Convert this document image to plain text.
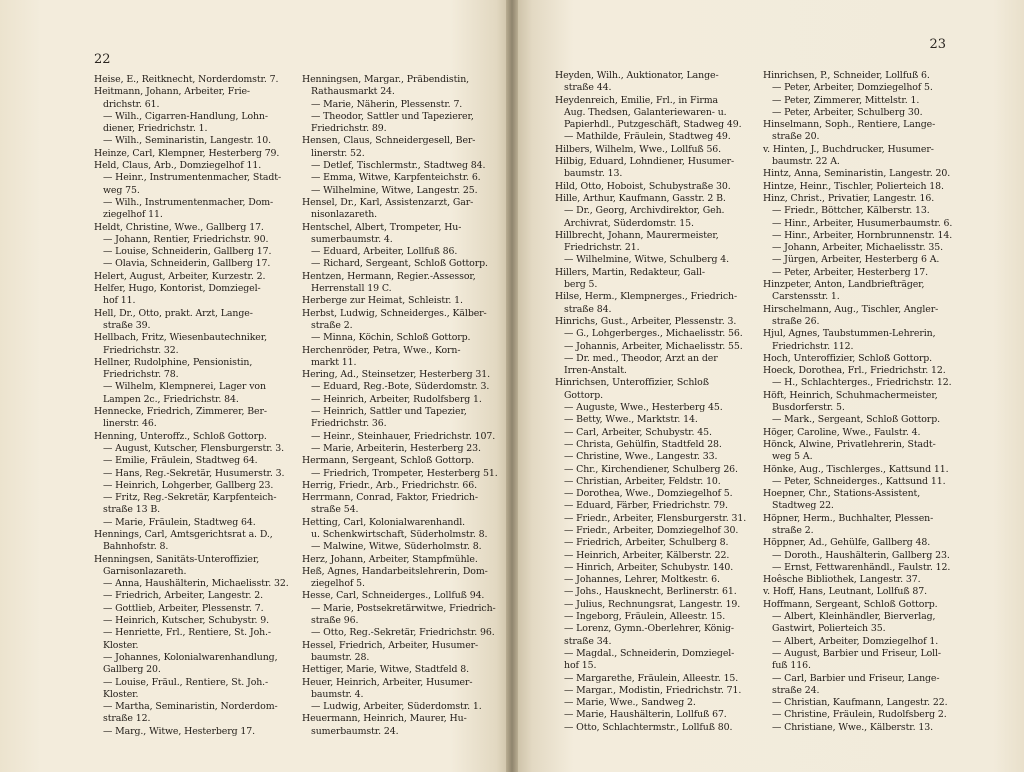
22
23
Heise, E., Reitknecht, Norderdomstr. 7.
Heitmann, Johann, Arbeiter, Frie-
drichstr. 61.
— Wilh., Cigarren-Handlung, Lohn-
diener, Friedrichstr. 1.
— Wilh., Seminaristin, Langestr. 10.
Heinze, Carl, Klempner, Hesterberg 79.
Held, Claus, Arb., Domziegelhof 11.
— Heinr., Instrumentenmacher, Stadt-
weg 75.
— Wilh., Instrumentenmacher, Dom-
ziegelhof 11.
Heldt, Christine, Wwe., Gallberg 17.
— Johann, Rentier, Friedrichstr. 90.
— Louise, Schneiderin, Gallberg 17.
— Olavia, Schneiderin, Gallberg 17.
Helert, August, Arbeiter, Kurzestr. 2.
Helfer, Hugo, Kontorist, Domziegel-
hof 11.
Hell, Dr., Otto, prakt. Arzt, Lange-
straße 39.
Hellbach, Fritz, Wiesenbautechniker,
Friedrichstr. 32.
Hellner, Rudolphine, Pensionistin,
Friedrichstr. 78.
— Wilhelm, Klempnerei, Lager von
Lampen 2c., Friedrichstr. 84.
Hennecke, Friedrich, Zimmerer, Ber-
linerstr. 46.
Henning, Unteroffz., Schloß Gottorp.
— August, Kutscher, Flensburgerstr. 3.
— Emilie, Fräulein, Stadtweg 64.
— Hans, Reg.-Sekretär, Husumerstr. 3.
— Heinrich, Lohgerber, Gallberg 23.
— Fritz, Reg.-Sekretär, Karpfenteich-
straße 13 B.
— Marie, Fräulein, Stadtweg 64.
Hennings, Carl, Amtsgerichtsrat a. D.,
Bahnhofstr. 8.
Henningsen, Sanitäts-Unteroffizier,
Garnisonlazareth.
— Anna, Haushälterin, Michaelisstr. 32.
— Friedrich, Arbeiter, Langestr. 2.
— Gottlieb, Arbeiter, Plessenstr. 7.
— Heinrich, Kutscher, Schubystr. 9.
— Henriette, Frl., Rentiere, St. Joh.-
Kloster.
— Johannes, Kolonialwarenhandlung,
Gallberg 20.
— Louise, Fräul., Rentiere, St. Joh.-
Kloster.
— Martha, Seminaristin, Norderdom-
straße 12.
— Marg., Witwe, Hesterberg 17.
Henningsen, Margar., Präbendistin,
Rathausmarkt 24.
— Marie, Näherin, Plessenstr. 7.
— Theodor, Sattler und Tapezierer,
Friedrichstr. 89.
Hensen, Claus, Schneidergesell, Ber-
linerstr. 52.
— Detlef, Tischlermstr., Stadtweg 84.
— Emma, Witwe, Karpfenteichstr. 6.
— Wilhelmine, Witwe, Langestr. 25.
Hensel, Dr., Karl, Assistenzarzt, Gar-
nisonlazareth.
Hentschel, Albert, Trompeter, Hu-
sumerbaumstr. 4.
— Eduard, Arbeiter, Lollfuß 86.
— Richard, Sergeant, Schloß Gottorp.
Hentzen, Hermann, Regier.-Assessor,
Herrenstall 19 C.
Herberge zur Heimat, Schleistr. 1.
Herbst, Ludwig, Schneiderges., Kälber-
straße 2.
— Minna, Köchin, Schloß Gottorp.
Herchenröder, Petra, Wwe., Korn-
markt 11.
Hering, Ad., Steinsetzer, Hesterberg 31.
— Eduard, Reg.-Bote, Süderdomstr. 3.
— Heinrich, Arbeiter, Rudolfsberg 1.
— Heinrich, Sattler und Tapezier,
Friedrichstr. 36.
— Heinr., Steinhauer, Friedrichstr. 107.
— Marie, Arbeiterin, Hesterberg 23.
Hermann, Sergeant, Schloß Gottorp.
— Friedrich, Trompeter, Hesterberg 51.
Herrig, Friedr., Arb., Friedrichstr. 66.
Herrmann, Conrad, Faktor, Friedrich-
straße 54.
Hetting, Carl, Kolonialwarenhandl.
u. Schenkwirtschaft, Süderholmstr. 8.
— Malwine, Witwe, Süderholmstr. 8.
Herz, Johann, Arbeiter, Stampfmühle.
Heß, Agnes, Handarbeitslehrerin, Dom-
ziegelhof 5.
Hesse, Carl, Schneiderges., Lollfuß 94.
— Marie, Postsekretärwitwe, Friedrich-
straße 96.
— Otto, Reg.-Sekretär, Friedrichstr. 96.
Hessel, Friedrich, Arbeiter, Husumer-
baumstr. 28.
Hettiger, Marie, Witwe, Stadtfeld 8.
Heuer, Heinrich, Arbeiter, Husumer-
baumstr. 4.
— Ludwig, Arbeiter, Süderdomstr. 1.
Heuermann, Heinrich, Maurer, Hu-
sumerbaumstr. 24.
Heyden, Wilh., Auktionator, Lange-
straße 44.
Heydenreich, Emilie, Frl., in Firma
Aug. Thedsen, Galanteriewaren- u.
Papierhdl., Putzgeschäft, Stadweg 49.
— Mathilde, Fräulein, Stadtweg 49.
Hilbers, Wilhelm, Wwe., Lollfuß 56.
Hilbig, Eduard, Lohndiener, Husumer-
baumstr. 13.
Hild, Otto, Hoboist, Schubystraße 30.
Hille, Arthur, Kaufmann, Gasstr. 2 B.
— Dr., Georg, Archivdirektor, Geh.
Archivrat, Süderdomstr. 15.
Hillbrecht, Johann, Maurermeister,
Friedrichstr. 21.
— Wilhelmine, Witwe, Schulberg 4.
Hillers, Martin, Redakteur, Gall-
berg 5.
Hilse, Herm., Klempnerges., Friedrich-
straße 84.
Hinrichs, Gust., Arbeiter, Plessenstr. 3.
— G., Lohgerberges., Michaelisstr. 56.
— Johannis, Arbeiter, Michaelisstr. 55.
— Dr. med., Theodor, Arzt an der
Irren-Anstalt.
Hinrichsen, Unteroffizier, Schloß
Gottorp.
— Auguste, Wwe., Hesterberg 45.
— Betty, Wwe., Marktstr. 14.
— Carl, Arbeiter, Schubystr. 45.
— Christa, Gehülfin, Stadtfeld 28.
— Christine, Wwe., Langestr. 33.
— Chr., Kirchendiener, Schulberg 26.
— Christian, Arbeiter, Feldstr. 10.
— Dorothea, Wwe., Domziegelhof 5.
— Eduard, Färber, Friedrichstr. 79.
— Friedr., Arbeiter, Flensburgerstr. 31.
— Friedr., Arbeiter, Domziegelhof 30.
— Friedrich, Arbeiter, Schulberg 8.
— Heinrich, Arbeiter, Kälberstr. 22.
— Hinrich, Arbeiter, Schubystr. 140.
— Johannes, Lehrer, Moltkestr. 6.
— Johs., Hausknecht, Berlinerstr. 61.
— Julius, Rechnungsrat, Langestr. 19.
— Ingeborg, Fräulein, Alleestr. 15.
— Lorenz, Gymn.-Oberlehrer, König-
straße 34.
— Magdal., Schneiderin, Domziegel-
hof 15.
— Margarethe, Fräulein, Alleestr. 15.
— Margar., Modistin, Friedrichstr. 71.
— Marie, Wwe., Sandweg 2.
— Marie, Haushälterin, Lollfuß 67.
— Otto, Schlachtermstr., Lollfuß 80.
Hinrichsen, P., Schneider, Lollfuß 6.
— Peter, Arbeiter, Domziegelhof 5.
— Peter, Zimmerer, Mittelstr. 1.
— Peter, Arbeiter, Schulberg 30.
Hinselmann, Soph., Rentiere, Lange-
straße 20.
v. Hinten, J., Buchdrucker, Husumer-
baumstr. 22 A.
Hintz, Anna, Seminaristin, Langestr. 20.
Hintze, Heinr., Tischler, Polierteich 18.
Hinz, Christ., Privatier, Langestr. 16.
— Friedr., Böttcher, Kälberstr. 13.
— Hinr., Arbeiter, Husumerbaumstr. 6.
— Hinr., Arbeiter, Hornbrunnenstr. 14.
— Johann, Arbeiter, Michaelisstr. 35.
— Jürgen, Arbeiter, Hesterberg 6 A.
— Peter, Arbeiter, Hesterberg 17.
Hinzpeter, Anton, Landbriefträger,
Carstensstr. 1.
Hirschelmann, Aug., Tischler, Angler-
straße 26.
Hjul, Agnes, Taubstummen-Lehrerin,
Friedrichstr. 112.
Hoch, Unteroffizier, Schloß Gottorp.
Hoeck, Dorothea, Frl., Friedrichstr. 12.
— H., Schlachterges., Friedrichstr. 12.
Höft, Heinrich, Schuhmachermeister,
Busdorferstr. 5.
— Mark., Sergeant, Schloß Gottorp.
Höger, Caroline, Wwe., Faulstr. 4.
Hönck, Alwine, Privatlehrerin, Stadt-
weg 5 A.
Hönke, Aug., Tischlerges., Kattsund 11.
— Peter, Schneiderges., Kattsund 11.
Hoepner, Chr., Stations-Assistent,
Stadtweg 22.
Höpner, Herm., Buchhalter, Plessen-
straße 2.
Höppner, Ad., Gehülfe, Gallberg 48.
— Doroth., Haushälterin, Gallberg 23.
— Ernst, Fettwarenhändl., Faulstr. 12.
Hoêsche Bibliothek, Langestr. 37.
v. Hoff, Hans, Leutnant, Lollfuß 87.
Hoffmann, Sergeant, Schloß Gottorp.
— Albert, Kleinhändler, Bierverlag,
Gastwirt, Polierteich 35.
— Albert, Arbeiter, Domziegelhof 1.
— August, Barbier und Friseur, Loll-
fuß 116.
— Carl, Barbier und Friseur, Lange-
straße 24.
— Christian, Kaufmann, Langestr. 22.
— Christine, Fräulein, Rudolfsberg 2.
— Christiane, Wwe., Kälberstr. 13.
